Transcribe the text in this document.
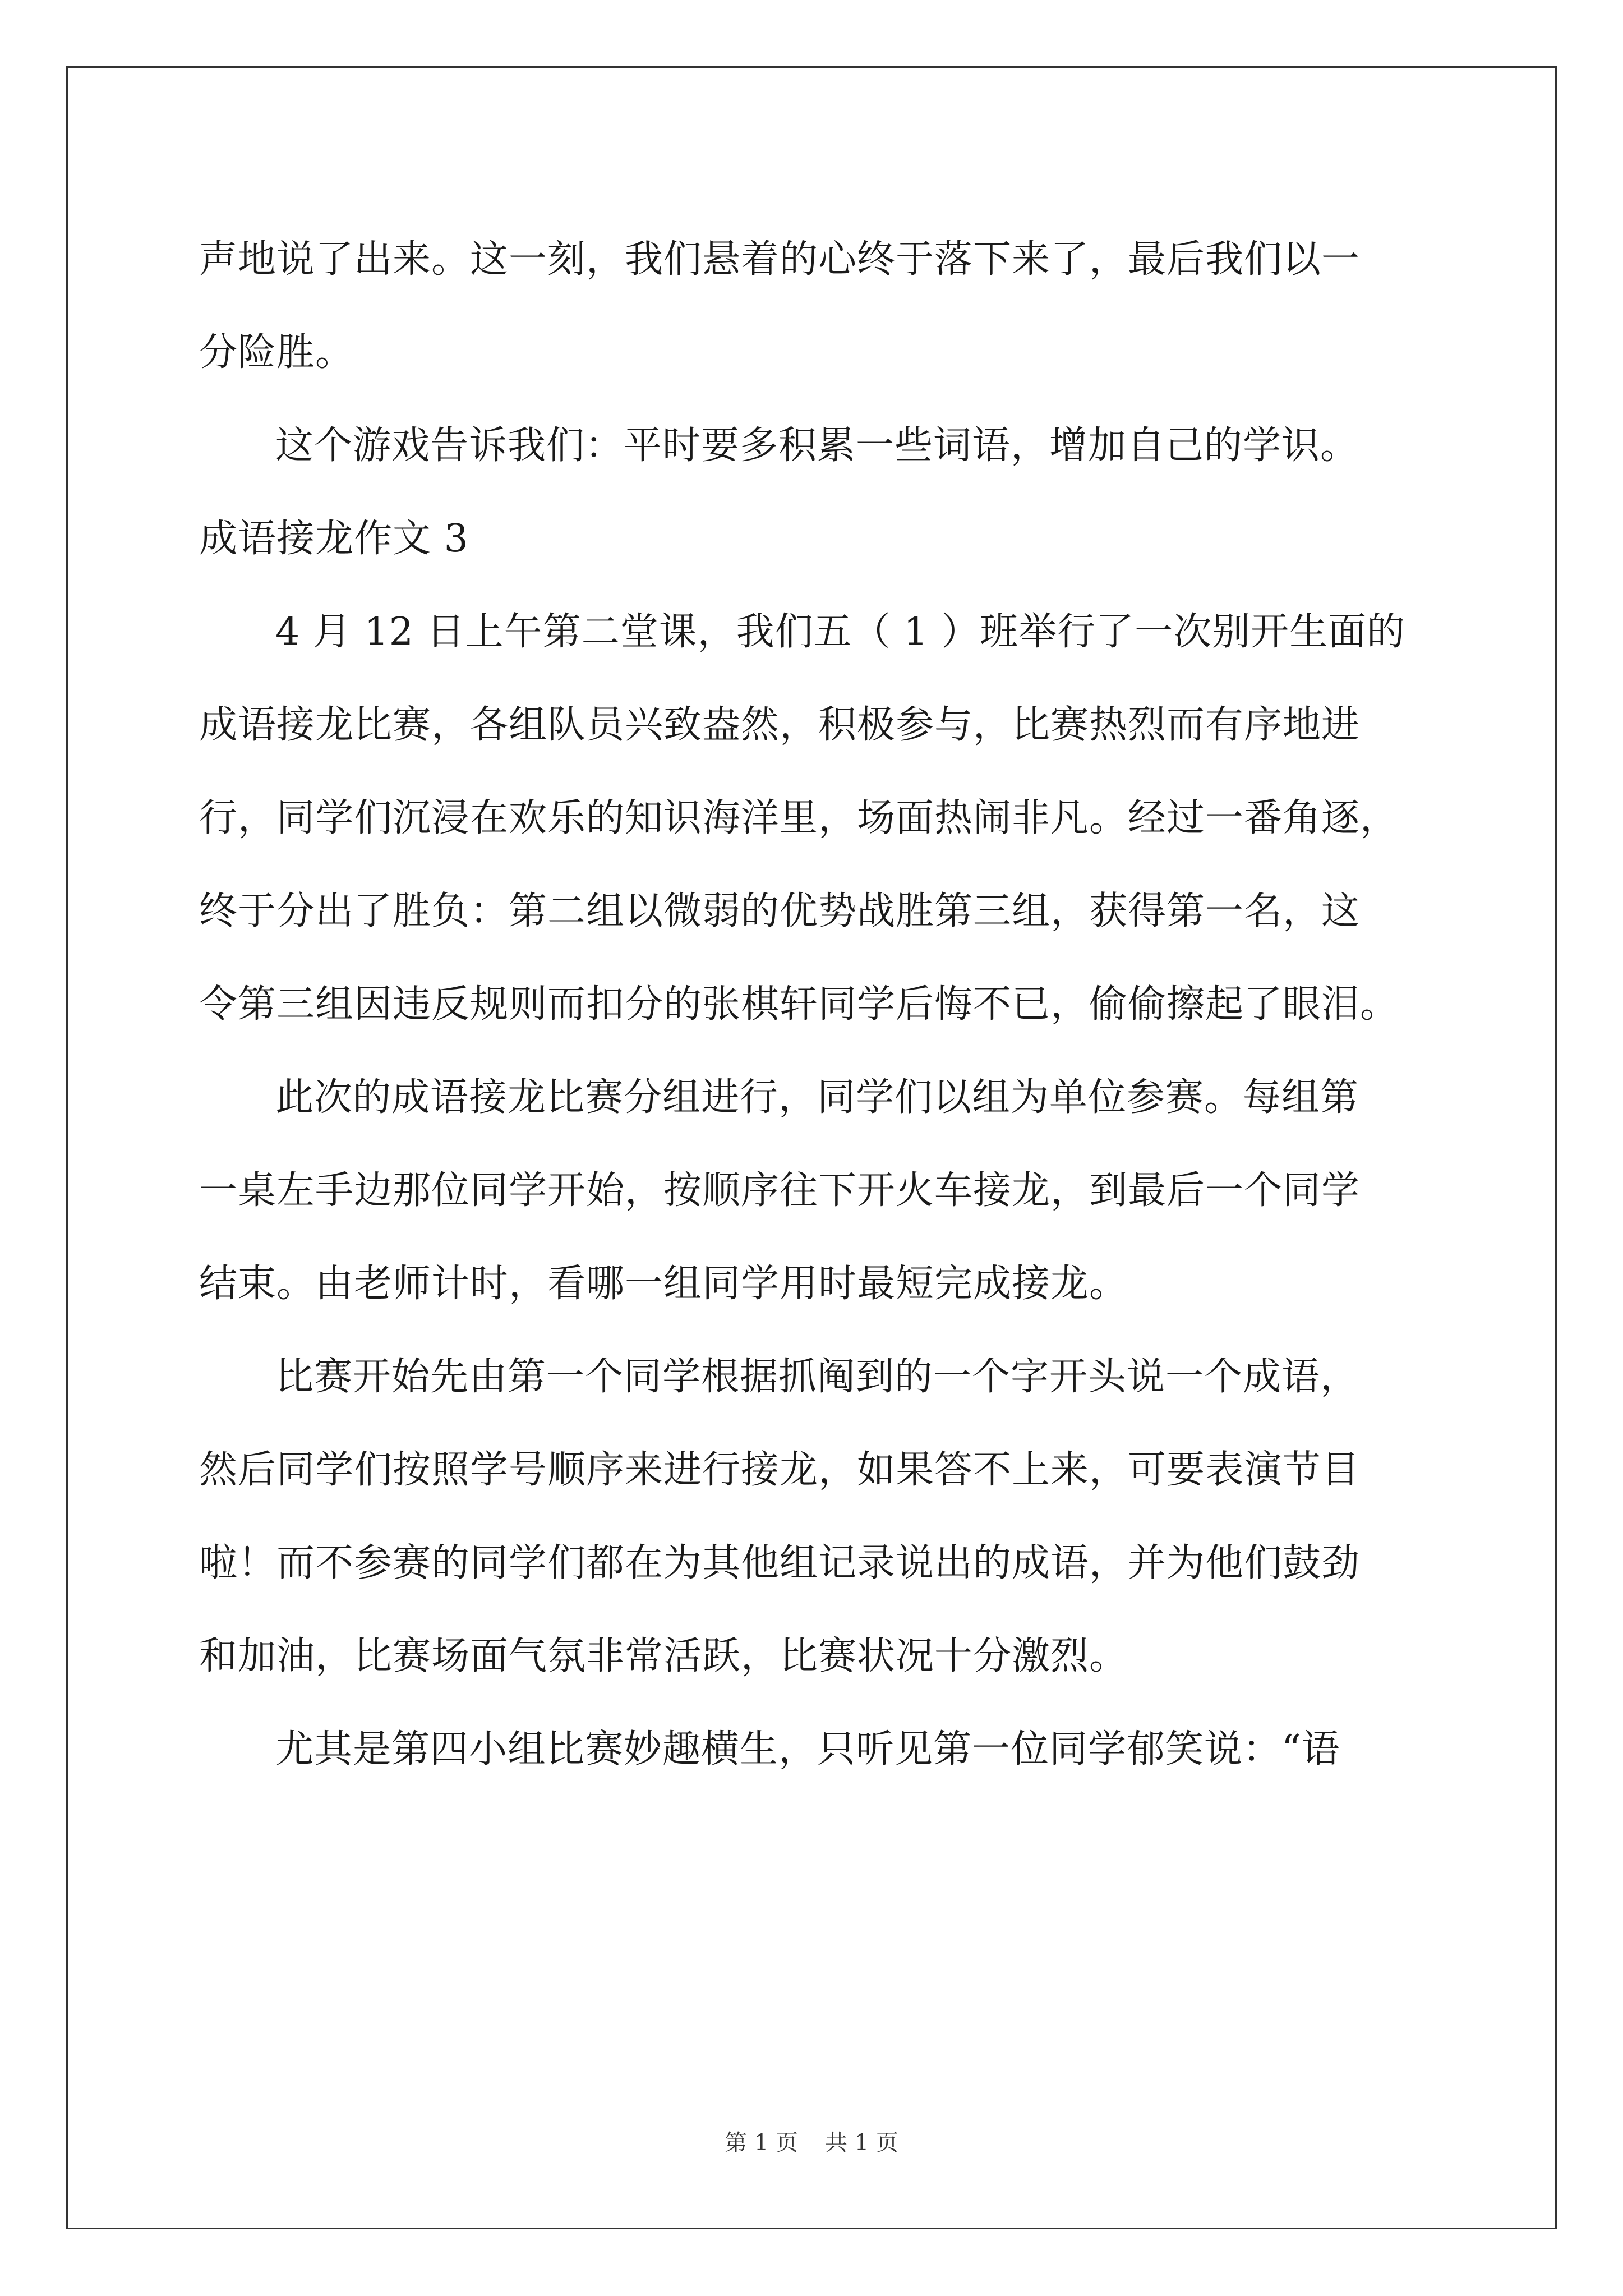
声地说了出来。这一刻，我们悬着的心终于落下来了，最后我们以一
分险胜。
这个游戏告诉我们：平时要多积累一些词语，增加自己的学识。
成语接龙作文 3
4 月 12 日上午第二堂课，我们五（ 1 ）班举行了一次别开生面的
成语接龙比赛，各组队员兴致盎然，积极参与，比赛热烈而有序地进
行，同学们沉浸在欢乐的知识海洋里，场面热闹非凡。经过一番角逐，
终于分出了胜负：第二组以微弱的优势战胜第三组，获得第一名，这
令第三组因违反规则而扣分的张棋轩同学后悔不已，偷偷擦起了眼泪。
此次的成语接龙比赛分组进行，同学们以组为单位参赛。每组第
一桌左手边那位同学开始，按顺序往下开火车接龙，到最后一个同学
结束。由老师计时，看哪一组同学用时最短完成接龙。
比赛开始先由第一个同学根据抓阄到的一个字开头说一个成语，
然后同学们按照学号顺序来进行接龙，如果答不上来，可要表演节目
啦！而不参赛的同学们都在为其他组记录说出的成语，并为他们鼓劲
和加油，比赛场面气氛非常活跃，比赛状况十分激烈。
尤其是第四小组比赛妙趣横生，只听见第一位同学郁笑说：“语
第 1 页 共 1 页
